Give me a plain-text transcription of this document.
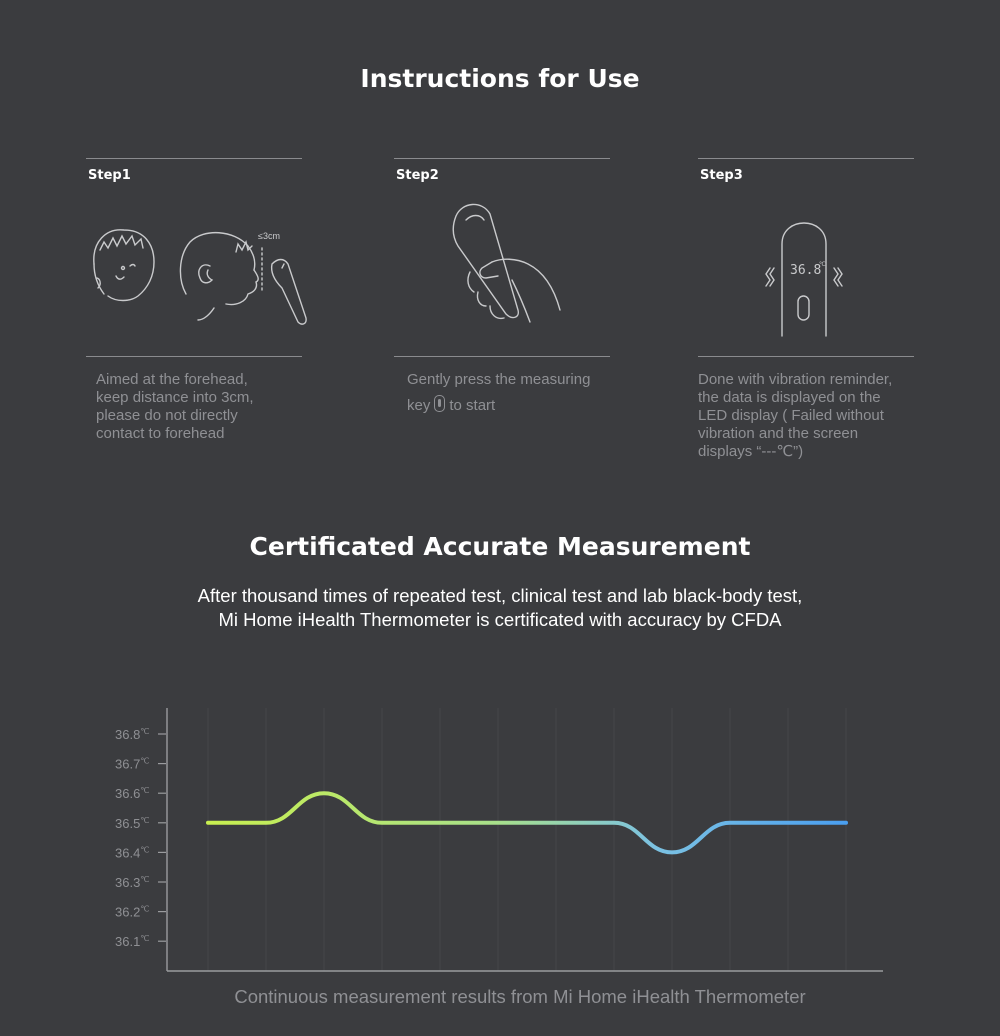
Instructions for Use
Step1
≤3cm

Aimed at the forehead,

keep distance into 3cm,

please do not directly

contact to forehead

Step2

Gently press the measuring

key to start

Step3
36.8
℃

Done with vibration reminder,

the data is displayed on the

LED display ( Failed without

vibration and the screen

displays “---℃”)

Certificated Accurate Measurement

After thousand times of repeated test, clinical test and lab black-body test,

Mi Home iHealth Thermometer is certificated with accuracy by CFDA

36.8℃
36.7℃
36.6℃
36.5℃
36.4℃
36.3℃
36.2℃
36.1℃

Continuous measurement results from Mi Home iHealth Thermometer
